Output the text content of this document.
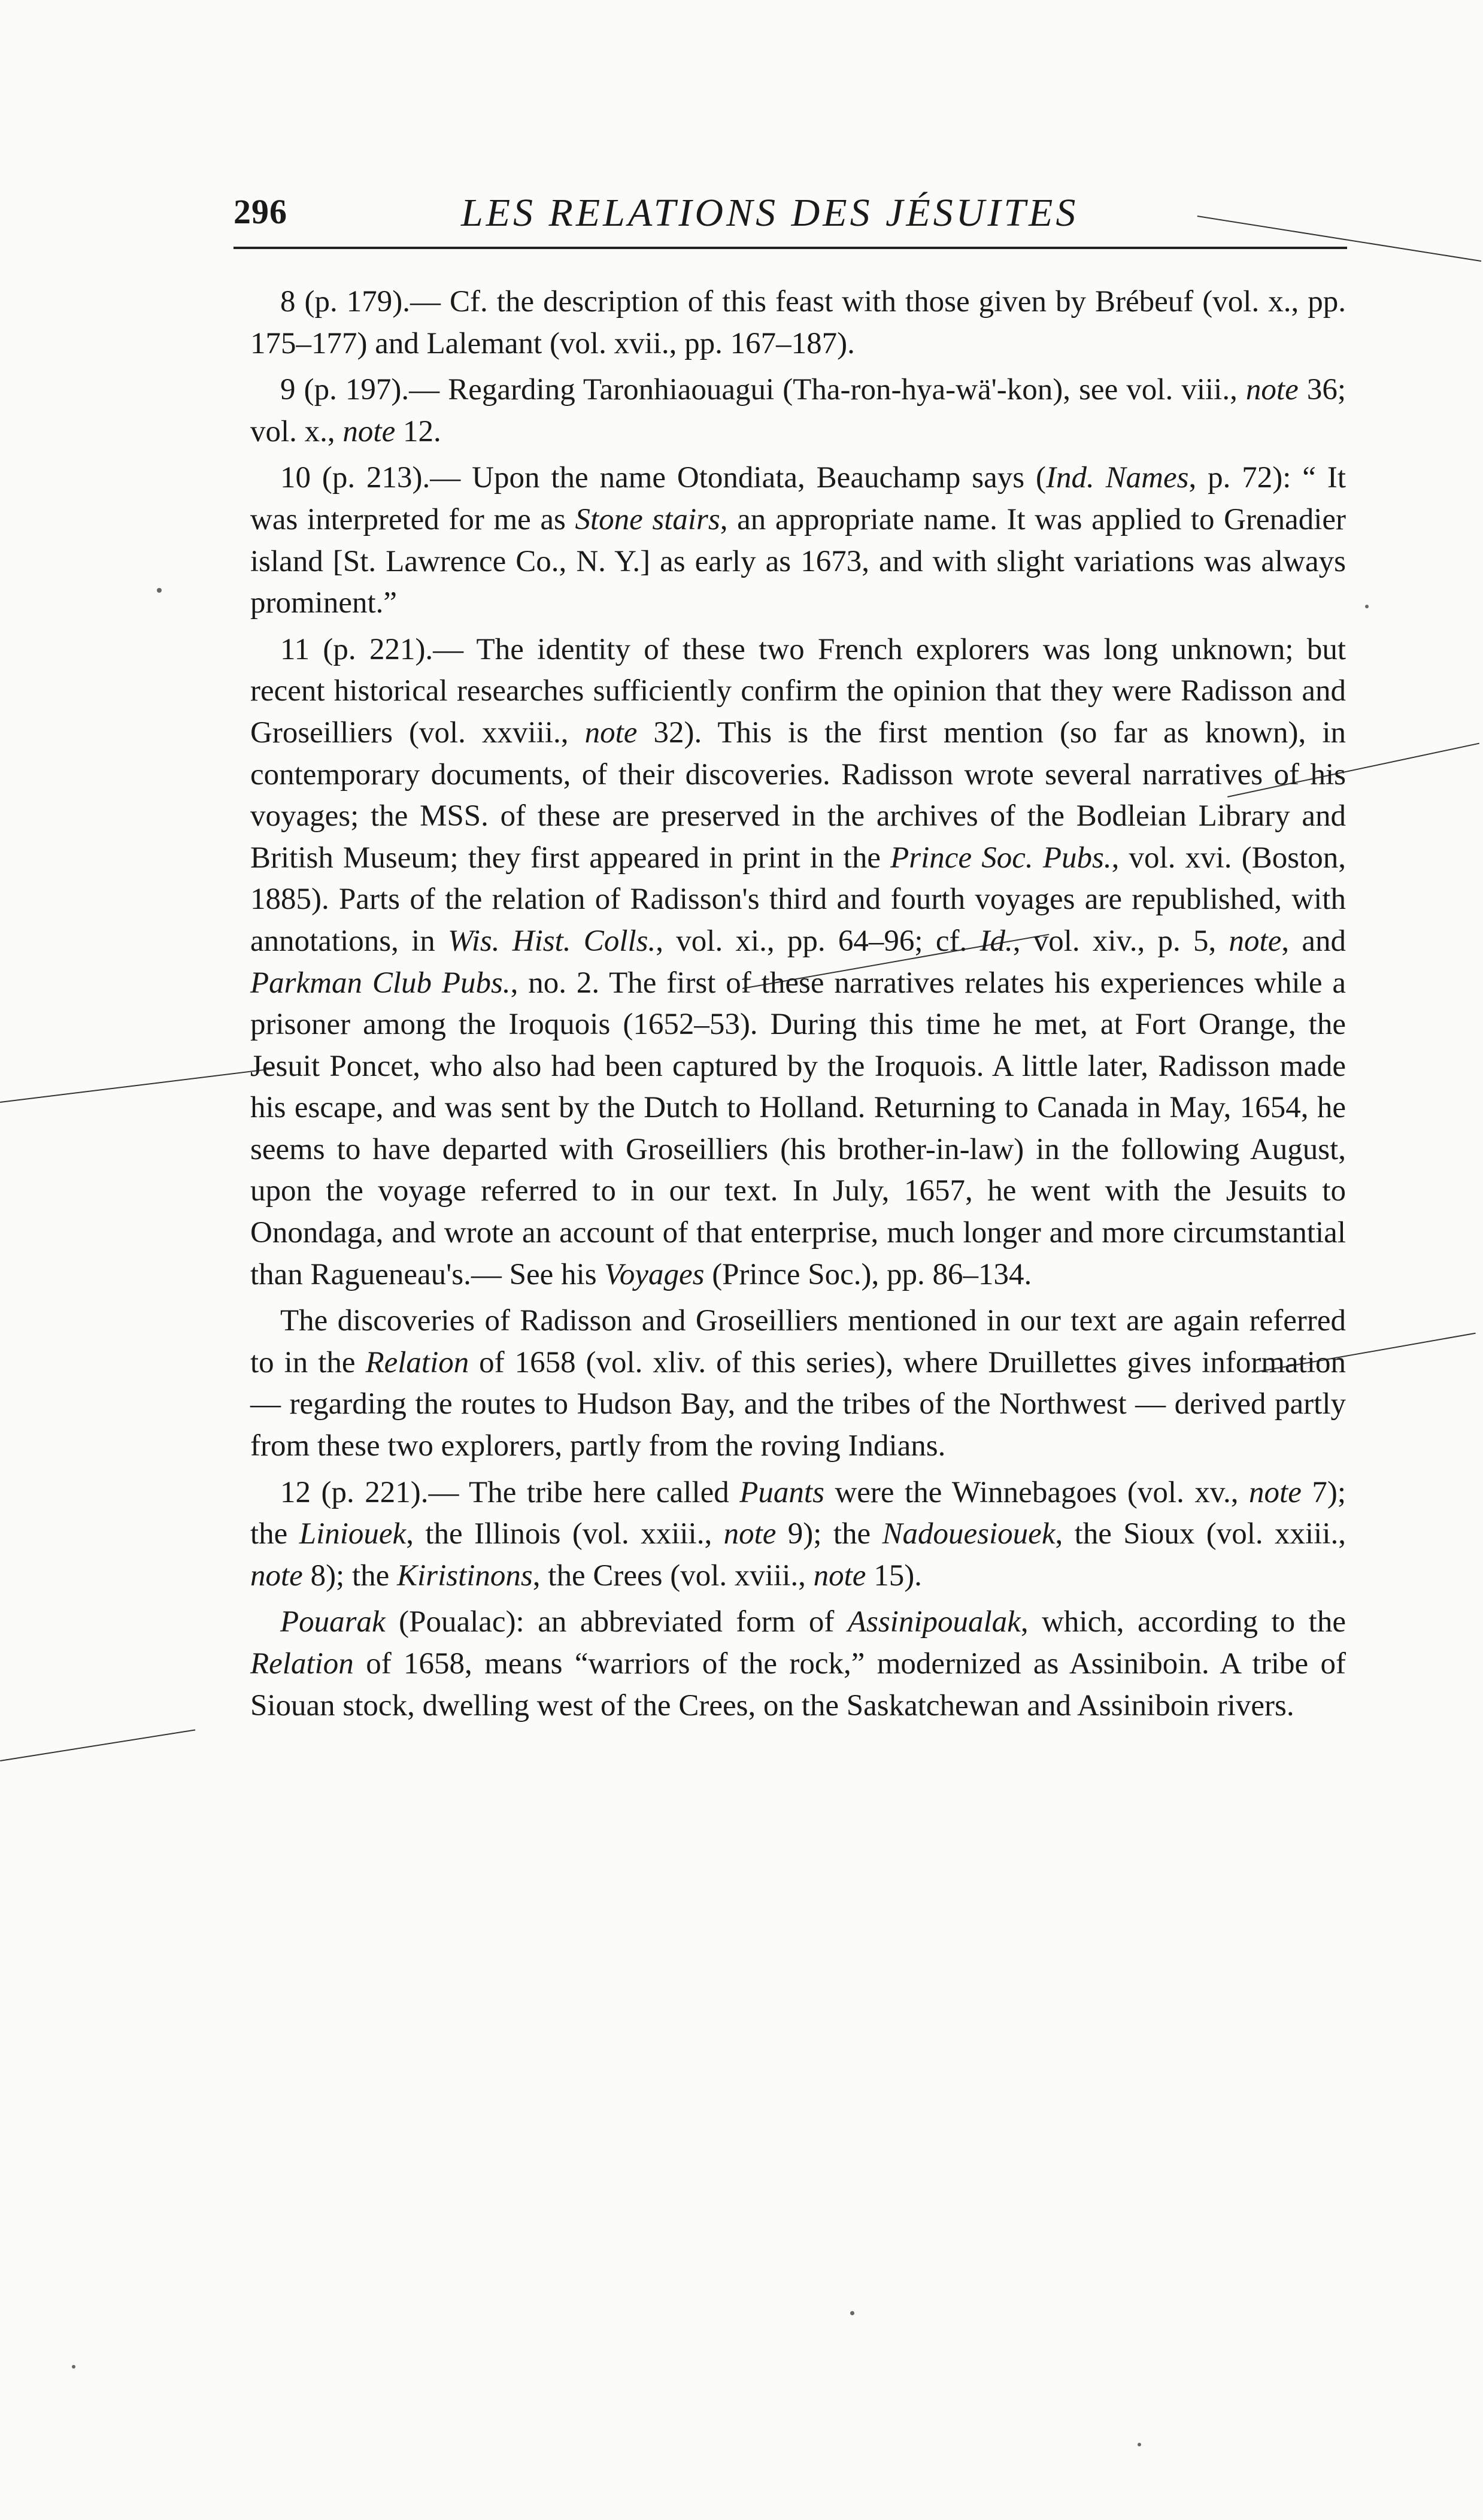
296	LES RELATIONS DES JÉSUITES

8 (p. 179).— Cf. the description of this feast with those given by Brébeuf (vol. x., pp. 175–177) and Lalemant (vol. xvii., pp. 167–187).

9 (p. 197).— Regarding Taronhiaouagui (Tha-ron-hya-wä'-kon), see vol. viii., note 36; vol. x., note 12.

10 (p. 213).— Upon the name Otondiata, Beauchamp says (Ind. Names, p. 72): “ It was interpreted for me as Stone stairs, an appropriate name. It was applied to Grenadier island [St. Lawrence Co., N. Y.] as early as 1673, and with slight variations was always prominent.”

11 (p. 221).— The identity of these two French explorers was long unknown; but recent historical researches sufficiently confirm the opinion that they were Radisson and Groseilliers (vol. xxviii., note 32). This is the first mention (so far as known), in contemporary documents, of their discoveries. Radisson wrote several narratives of his voyages; the MSS. of these are preserved in the archives of the Bodleian Library and British Museum; they first appeared in print in the Prince Soc. Pubs., vol. xvi. (Boston, 1885). Parts of the relation of Radisson's third and fourth voyages are republished, with annotations, in Wis. Hist. Colls., vol. xi., pp. 64–96; cf. Id., vol. xiv., p. 5, note, and Parkman Club Pubs., no. 2. The first of these narratives relates his experiences while a prisoner among the Iroquois (1652–53). During this time he met, at Fort Orange, the Jesuit Poncet, who also had been captured by the Iroquois. A little later, Radisson made his escape, and was sent by the Dutch to Holland. Returning to Canada in May, 1654, he seems to have departed with Groseilliers (his brother-in-law) in the following August, upon the voyage referred to in our text. In July, 1657, he went with the Jesuits to Onondaga, and wrote an account of that enterprise, much longer and more circumstantial than Ragueneau's.— See his Voyages (Prince Soc.), pp. 86–134.

The discoveries of Radisson and Groseilliers mentioned in our text are again referred to in the Relation of 1658 (vol. xliv. of this series), where Druillettes gives information — regarding the routes to Hudson Bay, and the tribes of the Northwest — derived partly from these two explorers, partly from the roving Indians.

12 (p. 221).— The tribe here called Puants were the Winnebagoes (vol. xv., note 7); the Liniouek, the Illinois (vol. xxiii., note 9); the Nadouesiouek, the Sioux (vol. xxiii., note 8); the Kiristinons, the Crees (vol. xviii., note 15).

Pouarak (Poualac): an abbreviated form of Assinipoualak, which, according to the Relation of 1658, means “warriors of the rock,” modernized as Assiniboin. A tribe of Siouan stock, dwelling west of the Crees, on the Saskatchewan and Assiniboin rivers.
